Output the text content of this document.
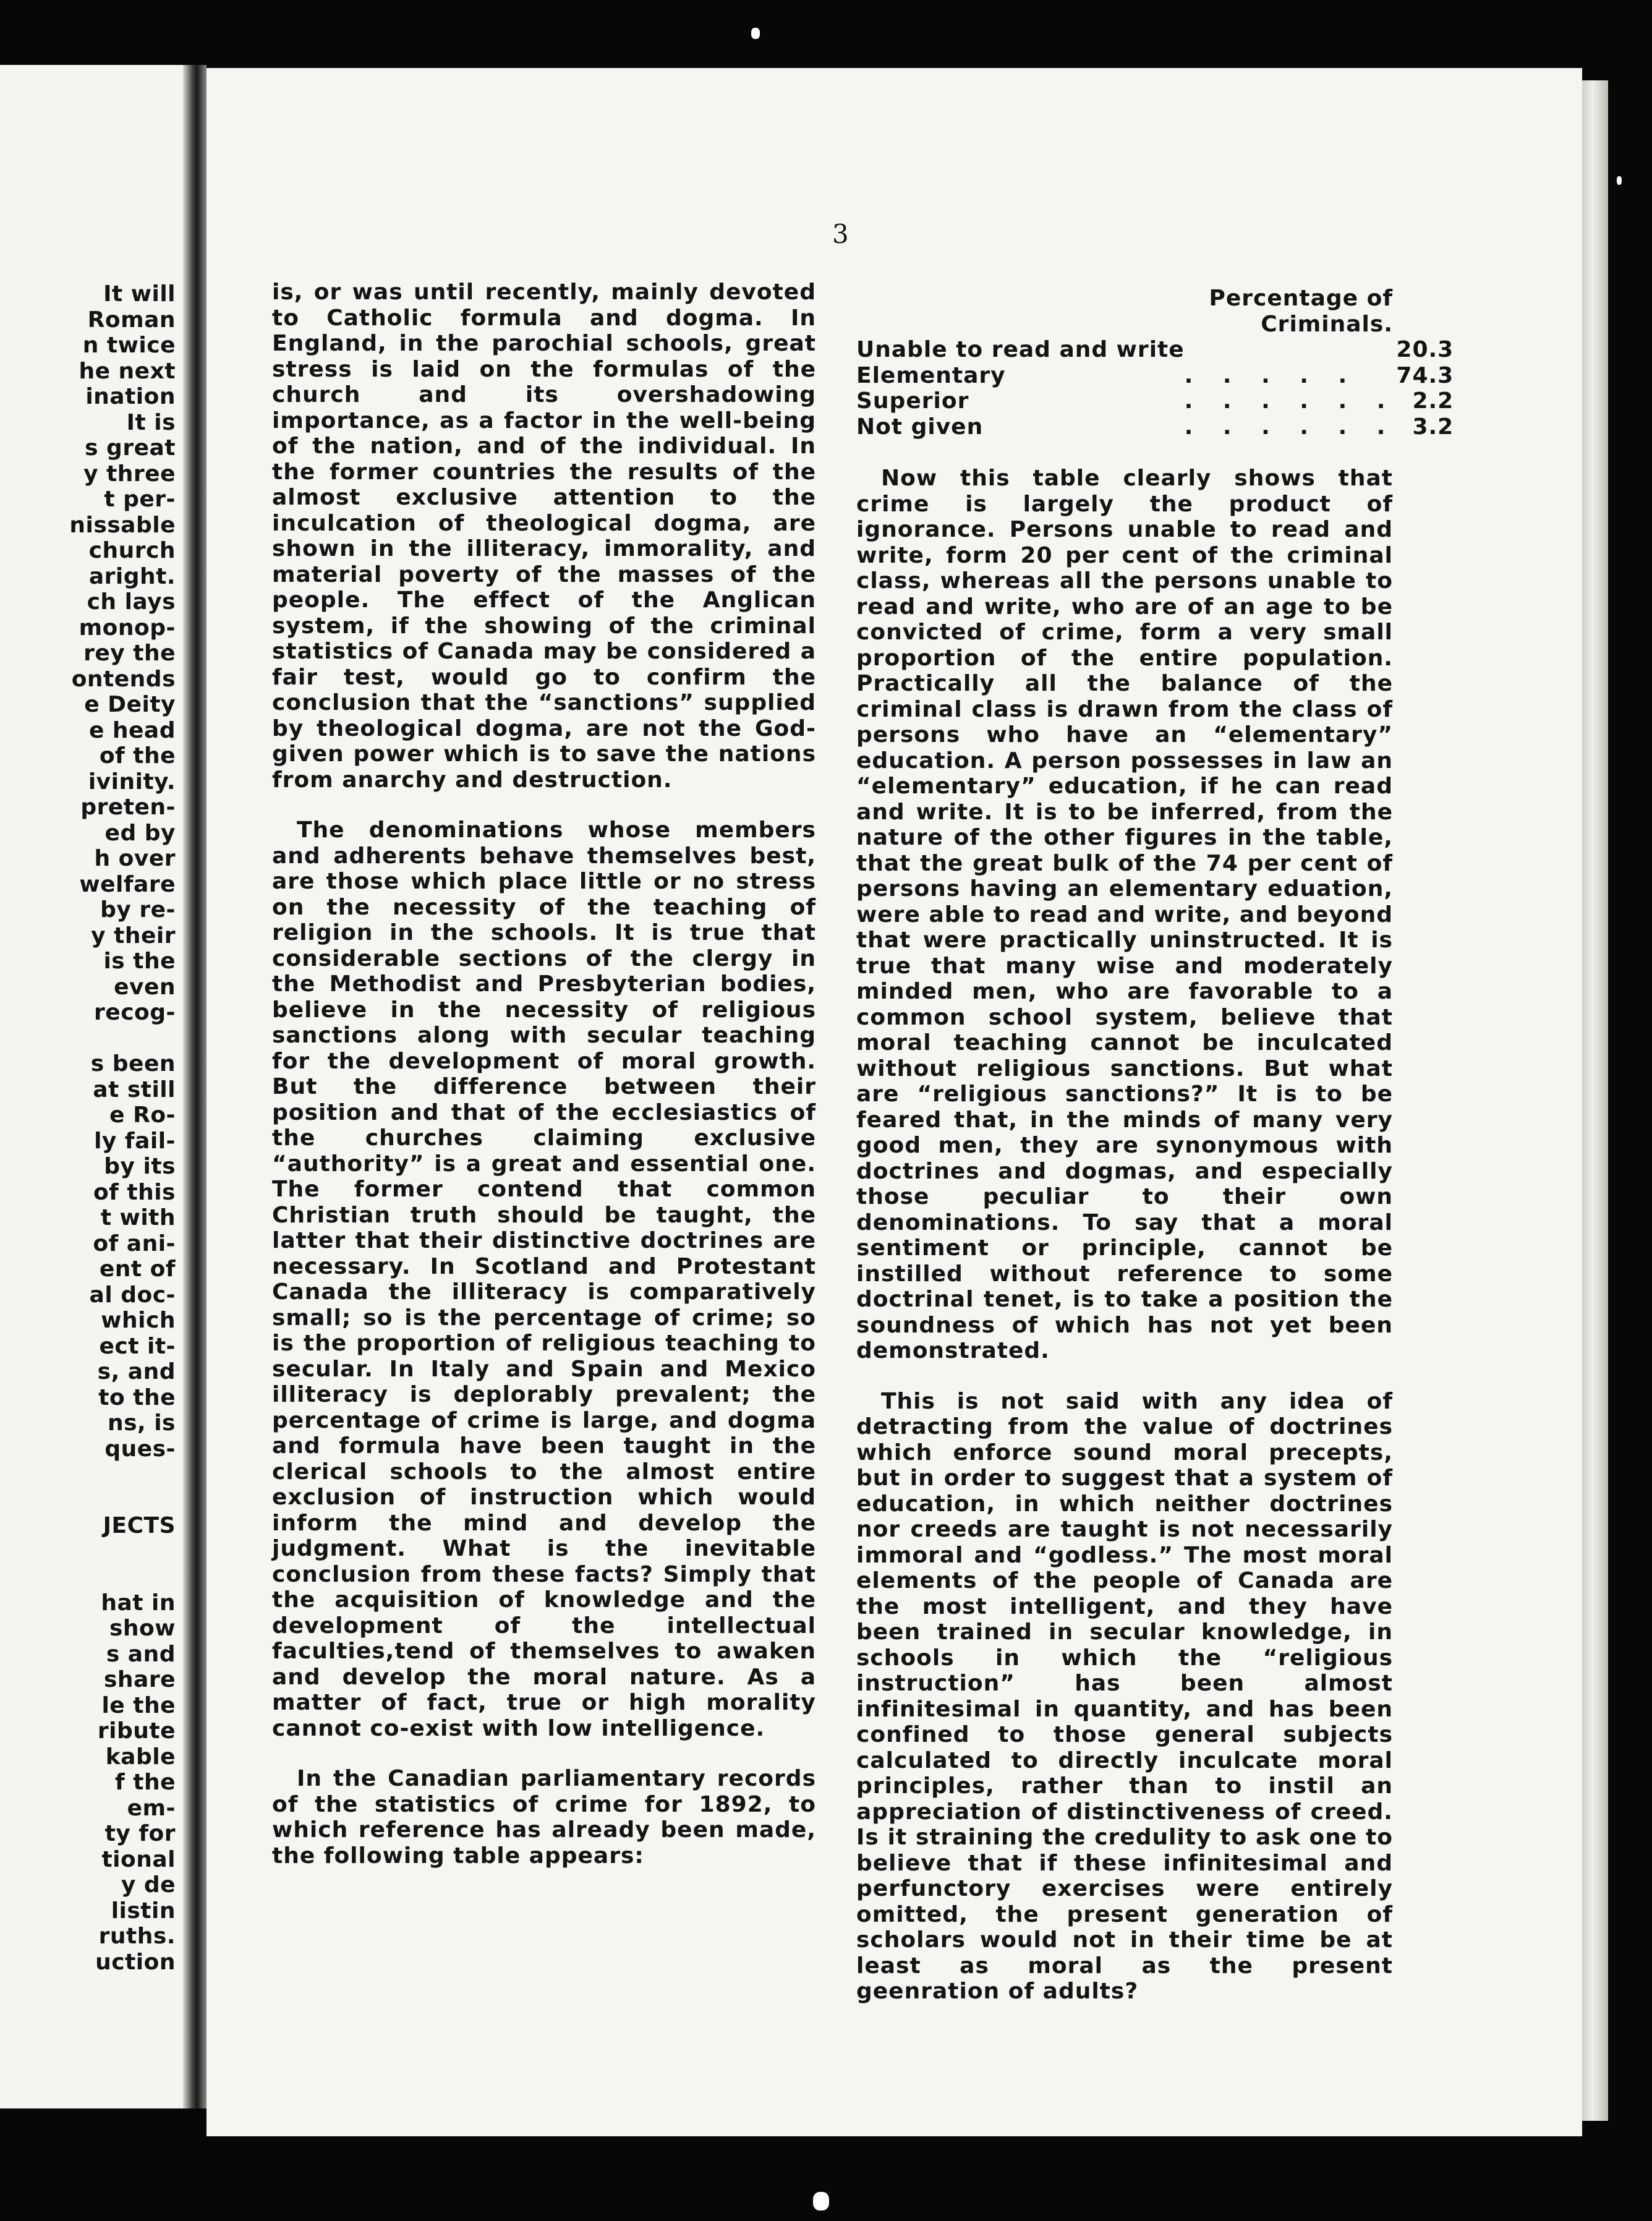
It will
Roman
n twice
he next
ination
It is
s great
y three
t per-
nissable
church
aright.
ch lays
monop-
rey the
ontends
e Deity
e head
of the
ivinity.
preten-
ed by
h over
welfare
by re-
y their
is the
even
recog-
s been
at still
e Ro-
ly fail-
by its
of this
t with
of ani-
ent of
al doc-
which
ect it-
s, and
to the
ns, is
ques-
JECTS
hat in
show
s and
share
le the
ribute
kable
f the
em-
ty for
tional
y de
listin
ruths.
uction
3

is, or was until recently, mainly devoted to Catholic formula and dogma. In England, in the parochial schools, great stress is laid on the formulas of the church and its overshadowing importance, as a factor in the well-being of the nation, and of the individual. In the former countries the results of the almost exclusive attention to the inculcation of theological dogma, are shown in the illiteracy, immorality, and material poverty of the masses of the people. The effect of the Anglican system, if the showing of the criminal statistics of Canada may be considered a fair test, would go to confirm the conclusion that the “sanctions” supplied by theological dogma, are not the God-given power which is to save the nations from anarchy and destruction.

The denominations whose members and adherents behave themselves best, are those which place little or no stress on the necessity of the teaching of religion in the schools. It is true that considerable sections of the clergy in the Methodist and Presbyterian bodies, believe in the necessity of religious sanctions along with secular teaching for the development of moral growth. But the difference between their position and that of the ecclesiastics of the churches claiming exclusive “authority” is a great and essential one. The former contend that common Christian truth should be taught, the latter that their distinctive doctrines are necessary. In Scotland and Protestant Canada the illiteracy is comparatively small; so is the percentage of crime; so is the proportion of religious teaching to secular. In Italy and Spain and Mexico illiteracy is deplorably prevalent; the percentage of crime is large, and dogma and formula have been taught in the clerical schools to the almost entire exclusion of instruction which would inform the mind and develop the judgment. What is the inevitable conclusion from these facts? Simply that the acquisition of knowledge and the development of the intellectual faculties,tend of themselves to awaken and develop the moral nature. As a matter of fact, true or high morality cannot co-exist with low intelligence.

In the Canadian parliamentary records of the statistics of crime for 1892, to which reference has already been made, the following table appears:

Percentage of
Criminals.
Unable to read and write		20.3
Elementary	. . . . .	74.3
Superior	. . . . . .	2.2
Not given	. . . . . .	3.2

Now this table clearly shows that crime is largely the product of ignorance. Persons unable to read and write, form 20 per cent of the criminal class, whereas all the persons unable to read and write, who are of an age to be convicted of crime, form a very small proportion of the entire population. Practically all the balance of the criminal class is drawn from the class of persons who have an “elementary” education. A person possesses in law an “elementary” education, if he can read and write. It is to be inferred, from the nature of the other figures in the table, that the great bulk of the 74 per cent of persons having an elementary eduation, were able to read and write, and beyond that were practically uninstructed. It is true that many wise and moderately minded men, who are favorable to a common school system, believe that moral teaching cannot be inculcated without religious sanctions. But what are “religious sanctions?” It is to be feared that, in the minds of many very good men, they are synonymous with doctrines and dogmas, and especially those peculiar to their own denominations. To say that a moral sentiment or principle, cannot be instilled without reference to some doctrinal tenet, is to take a position the soundness of which has not yet been demonstrated.

This is not said with any idea of detracting from the value of doctrines which enforce sound moral precepts, but in order to suggest that a system of education, in which neither doctrines nor creeds are taught is not necessarily immoral and “godless.” The most moral elements of the people of Canada are the most intelligent, and they have been trained in secular knowledge, in schools in which the “religious instruction” has been almost infinitesimal in quantity, and has been confined to those general subjects calculated to directly inculcate moral principles, rather than to instil an appreciation of distinctiveness of creed. Is it straining the credulity to ask one to believe that if these infinitesimal and perfunctory exercises were entirely omitted, the present generation of scholars would not in their time be at least as moral as the present geenration of adults?
